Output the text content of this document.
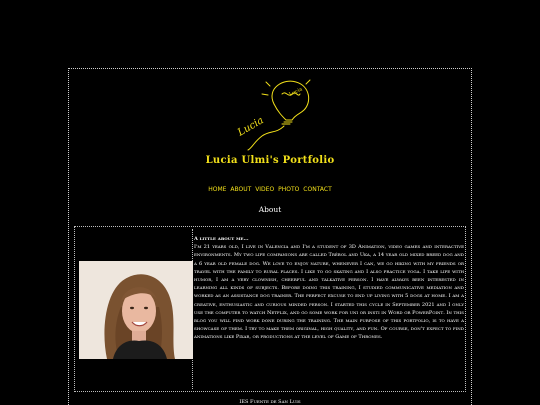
Lucia
Lucia
Lucia Ulmi's Portfolio
HOME ABOUT VIDEO PHOTO CONTACT
About
A little about me...
I'm 21 years old, I live in Valencia and I'm a student of 3D Animation, video games and interactive environments. My two life companions are called Trébol and Uka, a 14 year old mixed breed dog and a 6 year old female dog. We love to enjoy nature, whenever I can, we go hiking with my friends or travel with the family to rural places. I like to go skating and I also practice yoga. I take life with humor, I am a very clownish, cheerful and talkative person. I have always been interested in learning all kinds of subjects. Before doing this training, I studied communicative mediation and worked as an assistance dog trainer. The perfect excuse to end up living with 5 dogs at home. I am a creative, enthusiastic and curious minded person. I started this cycle in September 2021 and I only use the computer to watch Netflix, and go some work for uni or insti in Word or PowerPoint. In this blog you will find work done during the training. The main purpose of this portfolio, is to have a showcase of them. I try to make them original, high quality, and fun. Of course, don't expect to find animations like Pixar, or productions at the level of Game of Thrones.
IES Fuente de San Luis
